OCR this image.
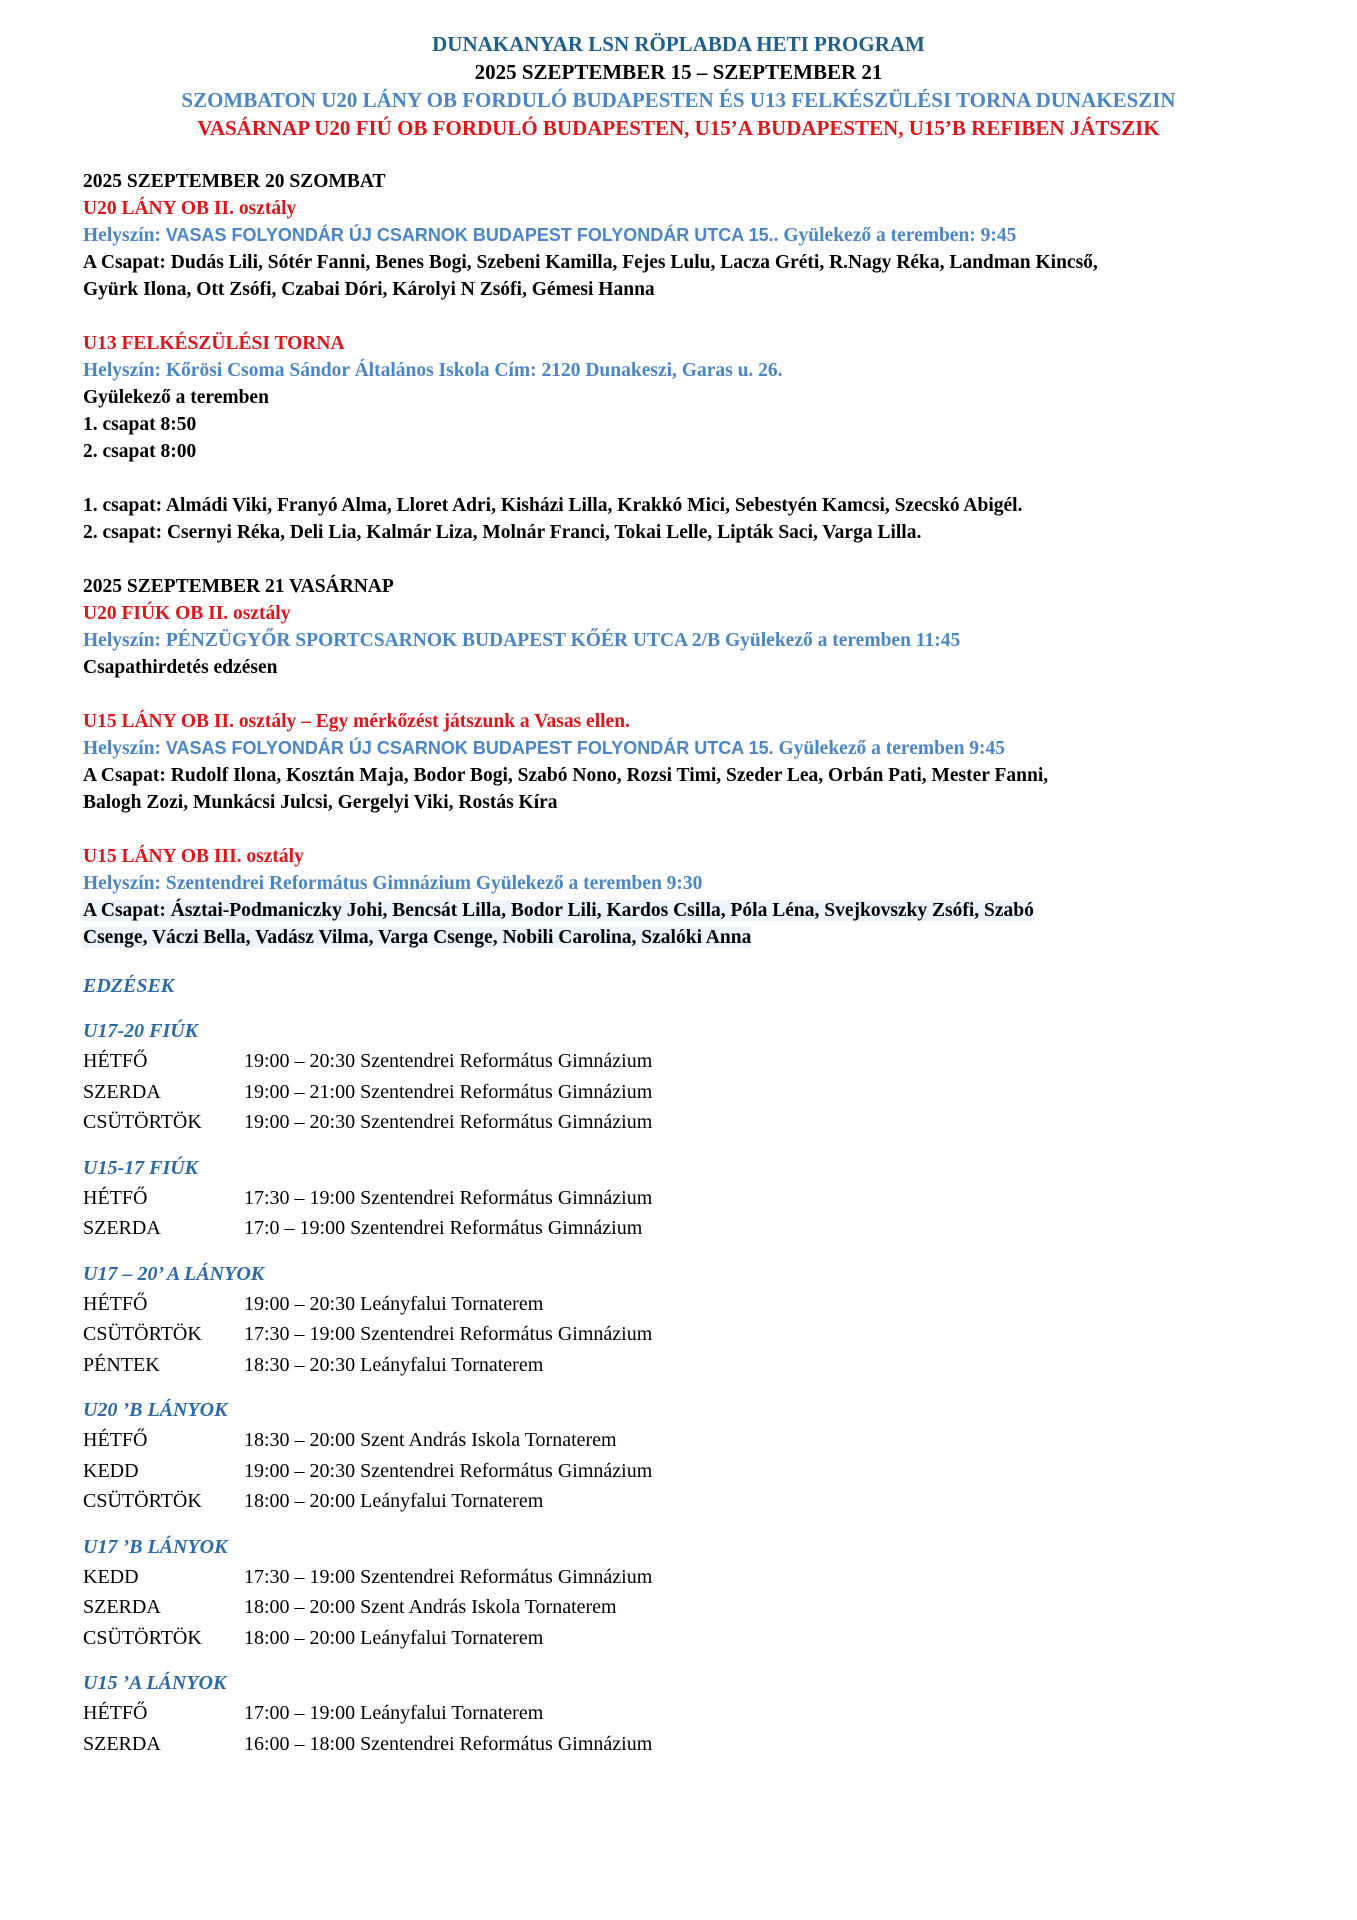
DUNAKANYAR LSN RÖPLABDA HETI PROGRAM
2025 SZEPTEMBER 15 – SZEPTEMBER 21
SZOMBATON U20 LÁNY OB FORDULÓ BUDAPESTEN ÉS U13 FELKÉSZÜLÉSI TORNA DUNAKESZIN
VASÁRNAP U20 FIÚ OB FORDULÓ BUDAPESTEN, U15’A BUDAPESTEN, U15’B REFIBEN JÁTSZIK
2025 SZEPTEMBER 20 SZOMBAT
U20 LÁNY OB II. osztály
Helyszín: VASAS FOLYONDÁR ÚJ CSARNOK BUDAPEST FOLYONDÁR UTCA 15.. Gyülekező a teremben: 9:45
A Csapat: Dudás Lili, Sótér Fanni, Benes Bogi, Szebeni Kamilla, Fejes Lulu, Lacza Gréti, R.Nagy Réka, Landman Kincső,
Gyürk Ilona, Ott Zsófi, Czabai Dóri, Károlyi N Zsófi, Gémesi Hanna
U13 FELKÉSZÜLÉSI TORNA
Helyszín: Kőrösi Csoma Sándor Általános Iskola Cím: 2120 Dunakeszi, Garas u. 26.
Gyülekező a teremben
1. csapat 8:50
2. csapat 8:00
1. csapat: Almádi Viki, Franyó Alma, Lloret Adri, Kisházi Lilla, Krakkó Mici, Sebestyén Kamcsi, Szecskó Abigél.
2. csapat: Csernyi Réka, Deli Lia, Kalmár Liza, Molnár Franci, Tokai Lelle, Lipták Saci, Varga Lilla.
2025 SZEPTEMBER 21 VASÁRNAP
U20 FIÚK OB II. osztály
Helyszín: PÉNZÜGYŐR SPORTCSARNOK BUDAPEST KŐÉR UTCA 2/B Gyülekező a teremben 11:45
Csapathirdetés edzésen
U15 LÁNY OB II. osztály – Egy mérkőzést játszunk a Vasas ellen.
Helyszín: VASAS FOLYONDÁR ÚJ CSARNOK BUDAPEST FOLYONDÁR UTCA 15. Gyülekező a teremben 9:45
A Csapat: Rudolf Ilona, Kosztán Maja, Bodor Bogi, Szabó Nono, Rozsi Timi, Szeder Lea, Orbán Pati, Mester Fanni,
Balogh Zozi, Munkácsi Julcsi, Gergelyi Viki, Rostás Kíra
U15 LÁNY OB III. osztály
Helyszín: Szentendrei Református Gimnázium Gyülekező a teremben 9:30
A Csapat: Ásztai-Podmaniczky Johi, Bencsát Lilla, Bodor Lili, Kardos Csilla, Póla Léna, Svejkovszky Zsófi, Szabó
Csenge, Váczi Bella, Vadász Vilma, Varga Csenge, Nobili Carolina, Szalóki Anna
EDZÉSEK
U17-20 FIÚK
HÉTFŐ	19:00 – 20:30 Szentendrei Református Gimnázium
SZERDA	19:00 – 21:00 Szentendrei Református Gimnázium
CSÜTÖRTÖK	19:00 – 20:30 Szentendrei Református Gimnázium
U15-17 FIÚK
HÉTFŐ	17:30 – 19:00 Szentendrei Református Gimnázium
SZERDA	17:0 – 19:00 Szentendrei Református Gimnázium
U17 – 20’ A LÁNYOK
HÉTFŐ	19:00 – 20:30 Leányfalui Tornaterem
CSÜTÖRTÖK	17:30 – 19:00 Szentendrei Református Gimnázium
PÉNTEK	18:30 – 20:30 Leányfalui Tornaterem
U20 ’B LÁNYOK
HÉTFŐ	18:30 – 20:00 Szent András Iskola Tornaterem
KEDD	19:00 – 20:30 Szentendrei Református Gimnázium
CSÜTÖRTÖK	18:00 – 20:00 Leányfalui Tornaterem
U17 ’B LÁNYOK
KEDD	17:30 – 19:00 Szentendrei Református Gimnázium
SZERDA	18:00 – 20:00 Szent András Iskola Tornaterem
CSÜTÖRTÖK	18:00 – 20:00 Leányfalui Tornaterem
U15 ’A LÁNYOK
HÉTFŐ	17:00 – 19:00 Leányfalui Tornaterem
SZERDA	16:00 – 18:00 Szentendrei Református Gimnázium
